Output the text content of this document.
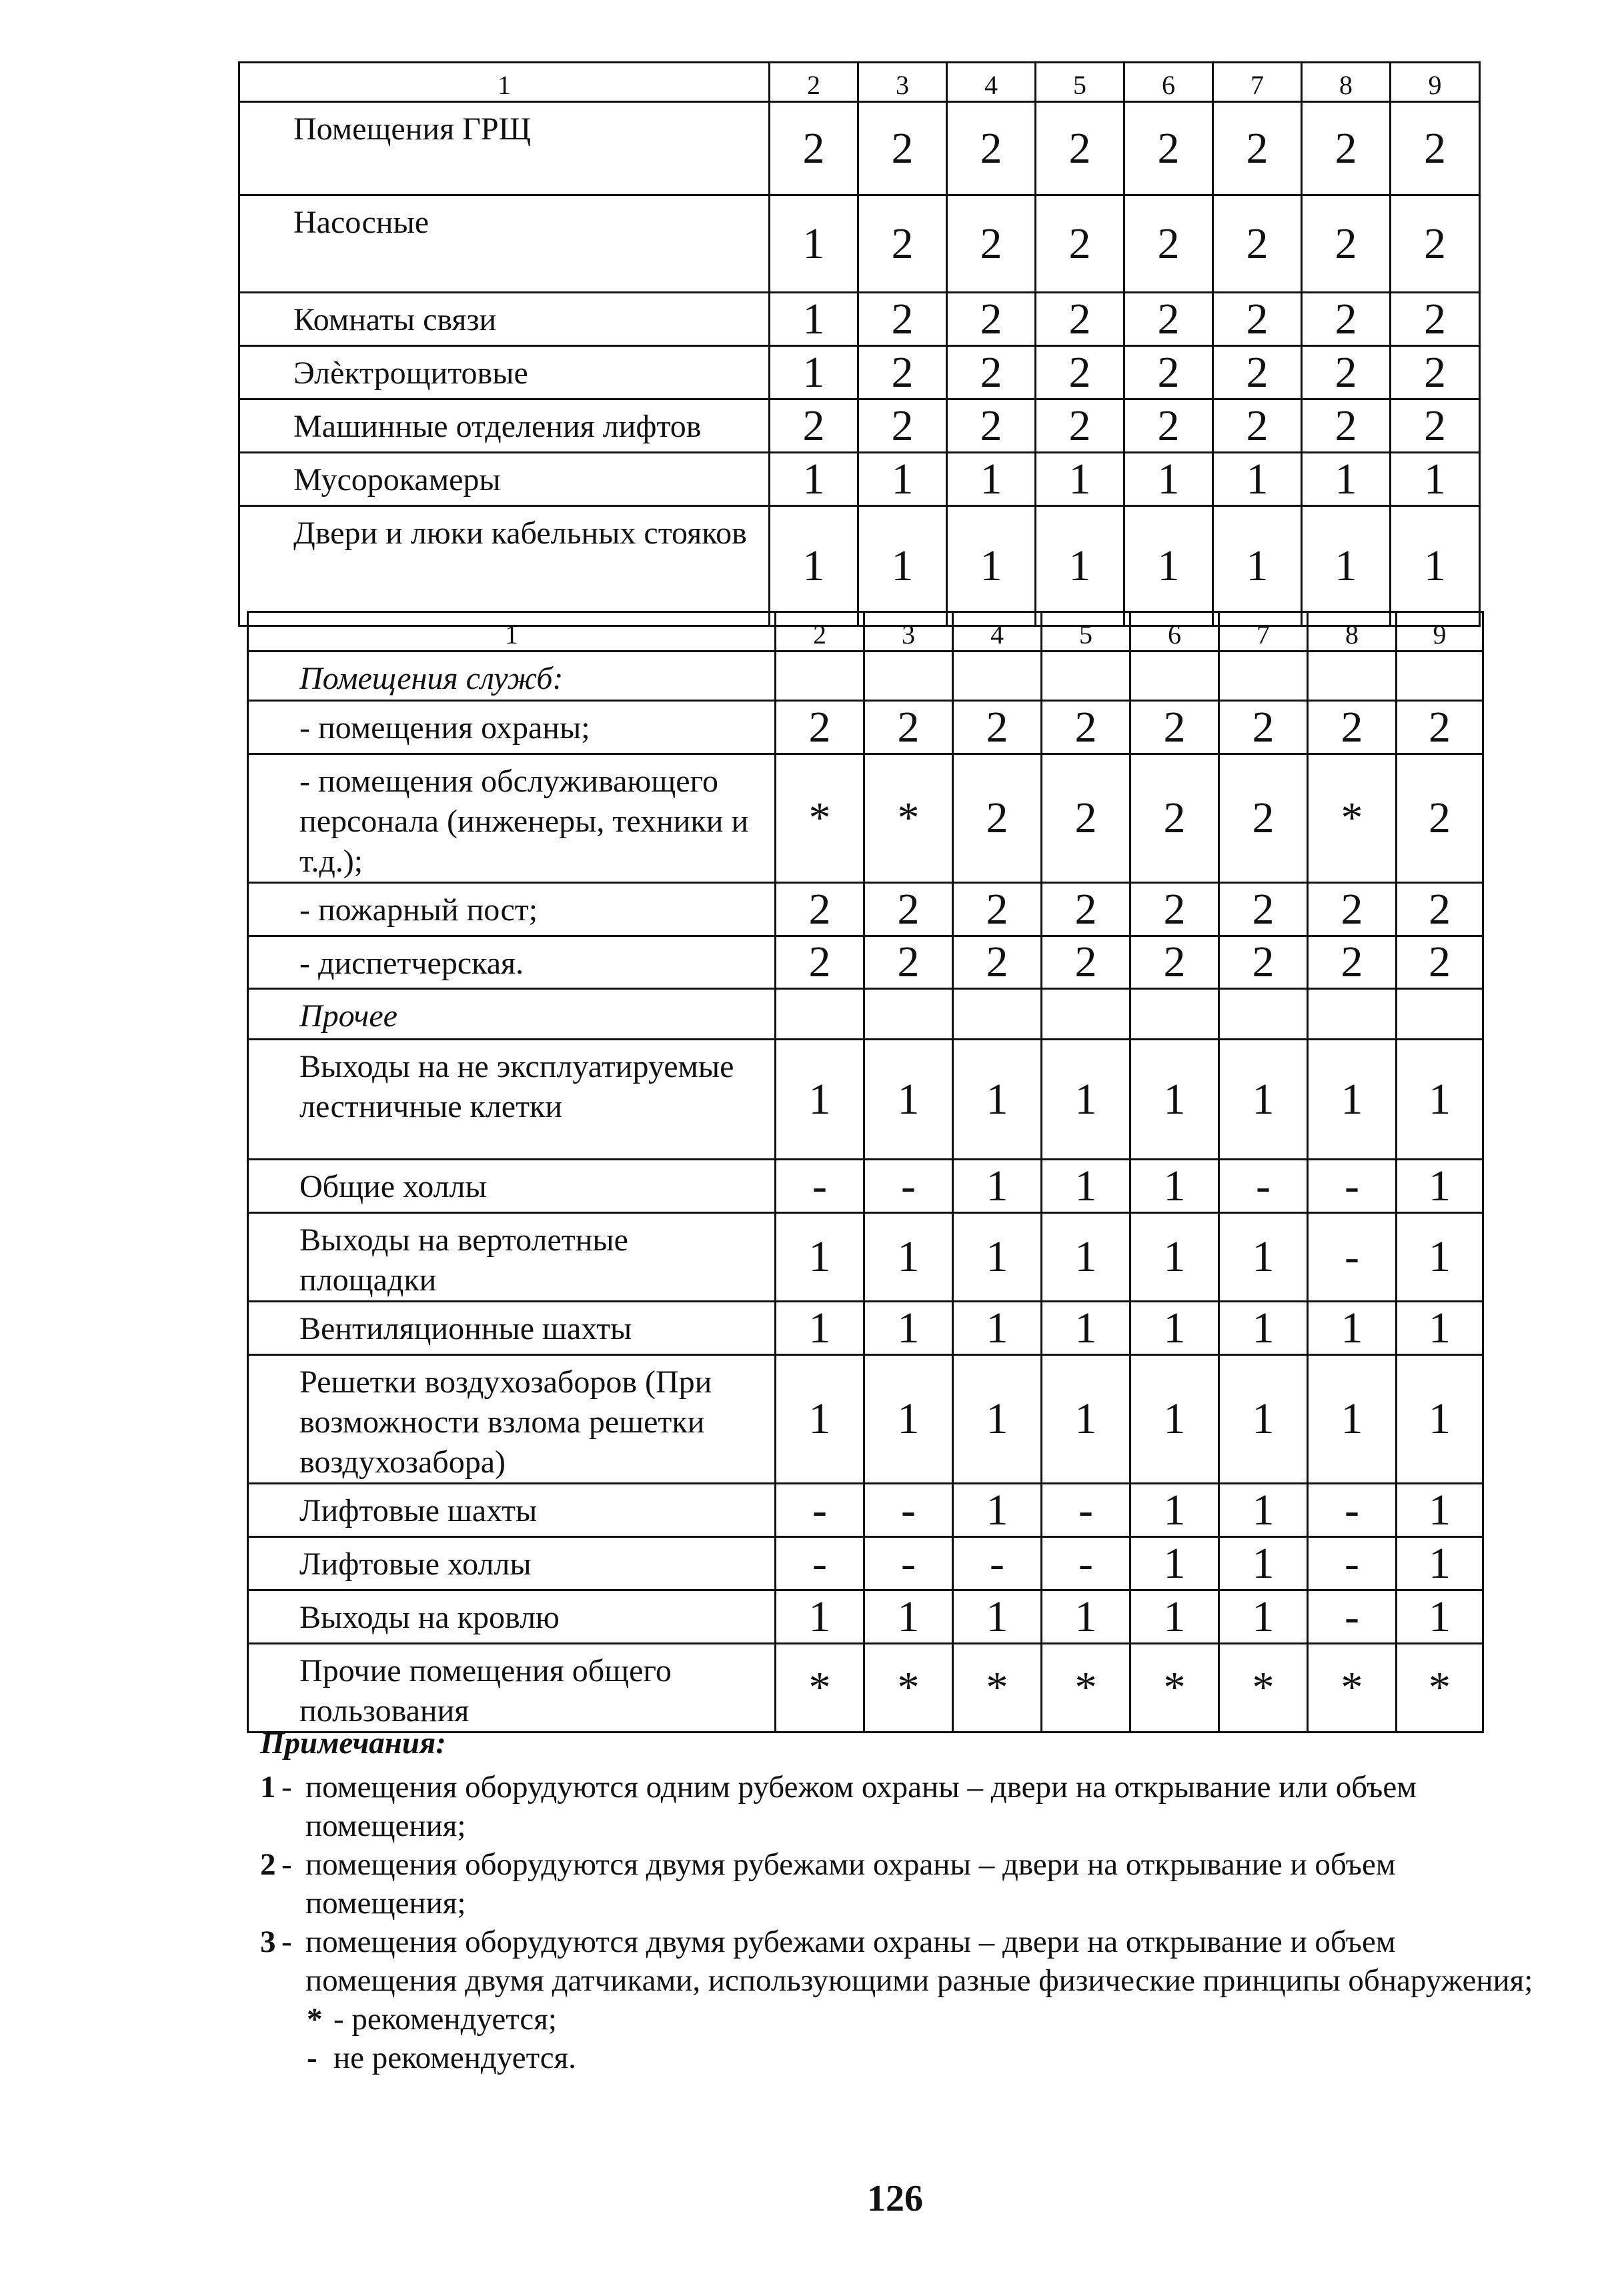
1	2	3	4	5	6	7	8	9
Помещения ГРЩ	2	2	2	2	2	2	2	2
Насосные	1	2	2	2	2	2	2	2
Комнаты связи	1	2	2	2	2	2	2	2
Элѐктрощитовые	1	2	2	2	2	2	2	2
Машинные отделения лифтов	2	2	2	2	2	2	2	2
Мусорокамеры	1	1	1	1	1	1	1	1
Двери и люки кабельных стояков	1	1	1	1	1	1	1	1
1	2	3	4	5	6	7	8	9
Помещения служб:								
- помещения охраны;	2	2	2	2	2	2	2	2
- помещения обслуживающего персонала (инженеры, техники и т.д.);	*	*	2	2	2	2	*	2
- пожарный пост;	2	2	2	2	2	2	2	2
- диспетчерская.	2	2	2	2	2	2	2	2
Прочее								
Выходы на не эксплуатируемые лестничные клетки	1	1	1	1	1	1	1	1
Общие холлы	-	-	1	1	1	-	-	1
Выходы на вертолетные площадки	1	1	1	1	1	1	-	1
Вентиляционные шахты	1	1	1	1	1	1	1	1
Решетки воздухозаборов (При возможности взлома решетки воздухозабора)	1	1	1	1	1	1	1	1
Лифтовые шахты	-	-	1	-	1	1	-	1
Лифтовые холлы	-	-	-	-	1	1	-	1
Выходы на кровлю	1	1	1	1	1	1	-	1
Прочие помещения общего пользования	*	*	*	*	*	*	*	*
Примечания:
1 - помещения оборудуются одним рубежом охраны – двери на открывание или объем
помещения;
2 - помещения оборудуются двумя рубежами охраны – двери на открывание и объем
помещения;
3 - помещения оборудуются двумя рубежами охраны – двери на открывание и объем
помещения двумя датчиками, использующими разные физические принципы обнаружения;
* - рекомендуется;
- не рекомендуется.
126
